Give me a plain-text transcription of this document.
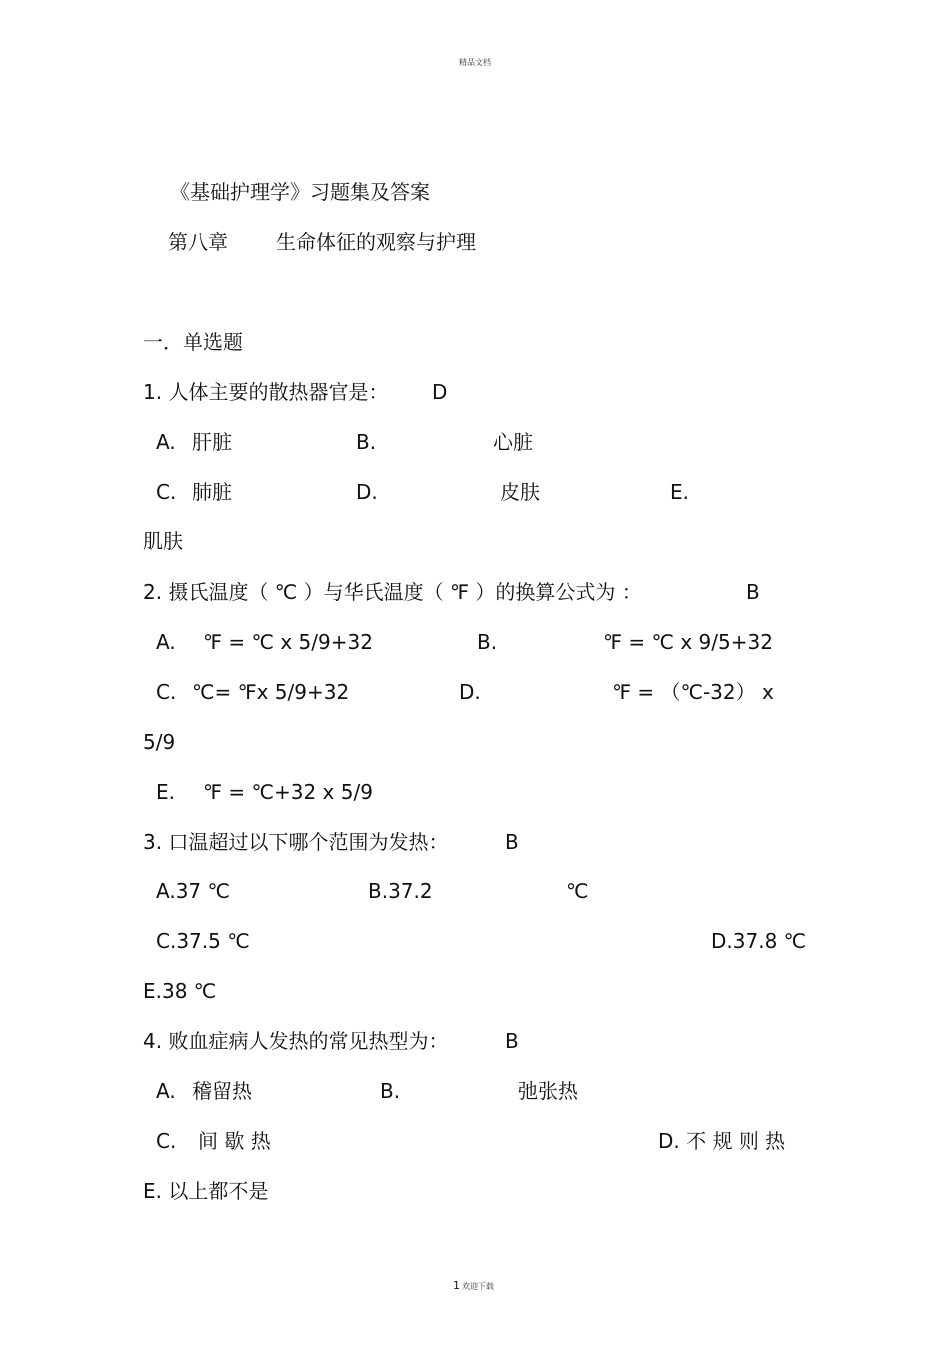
精品文档
《基础护理学》习题集及答案
第八章 生命体征的观察与护理
一．单选题
1. 人体主要的散热器官是： D
A. 肝脏	B.	心脏
C. 肺脏	D.	皮肤	E.
肌肤
2. 摄氏温度（ ℃ ）与华氏温度（ ℉ ）的换算公式为 ：	B
A. ℉ = ℃ x 5/9+32	B.	℉ = ℃ x 9/5+32
C. ℃= ℉x 5/9+32	D.	℉ = （℃-32） x
5/9
E. ℉ = ℃+32 x 5/9
3. 口温超过以下哪个范围为发热：	B
A.37 ℃	B.37.2	℃
C.37.5 ℃	D.37.8 ℃
E.38 ℃
4. 败血症病人发热的常见热型为：	B
A. 稽留热	B.	弛张热
C. 间 歇 热	D. 不 规 则 热
E. 以上都不是
1 欢迎下载
